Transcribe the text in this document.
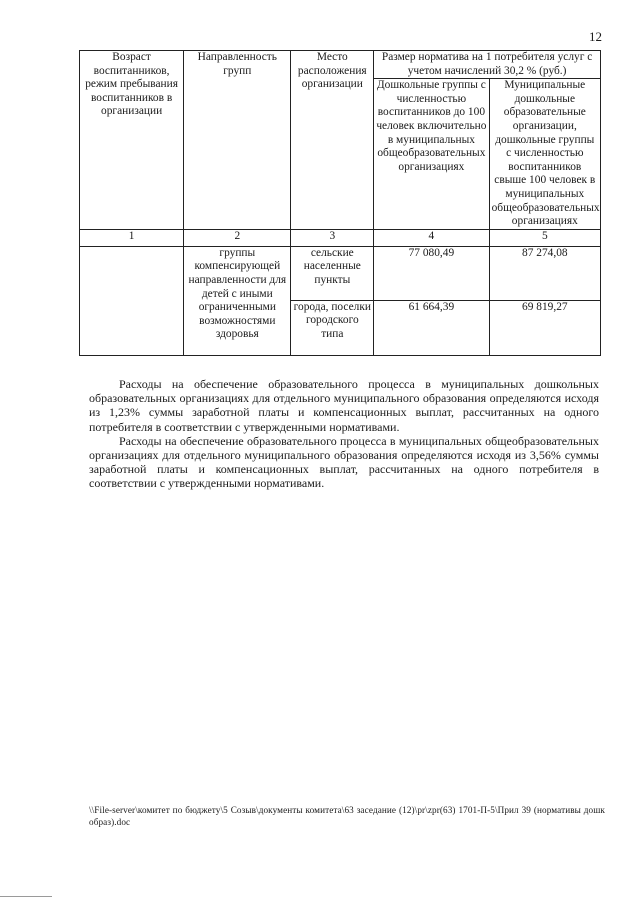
12
Возраст воспитанников, режим пребывания воспитанников в организации	Направленность групп	Место расположения организации	Размер норматива на 1 потребителя услуг с учетом начислений 30,2 % (руб.)	
			Дошкольные группы с численностью воспитанников до 100 человек включительно в муниципальных общеобразовательных организациях	Муниципальные дошкольные образовательные организации, дошкольные группы с численностью воспитанников свыше 100 человек в муниципальных общеобразовательных организациях
1	2	3	4	5
	группы компенсирующей направленности для детей с иными ограниченными возможностями здоровья	сельские населенные пункты	77 080,49	87 274,08
		города, поселки городского типа	61 664,39	69 819,27

Расходы на обеспечение образовательного процесса в муниципальных дошкольных образовательных организациях для отдельного муниципального образования определяются исходя из 1,23% суммы заработной платы и компенсационных выплат, рассчитанных на одного потребителя в соответствии с утвержденными нормативами.

Расходы на обеспечение образовательного процесса в муниципальных общеобразовательных организациях для отдельного муниципального образования определяются исходя из 3,56% суммы заработной платы и компенсационных выплат, рассчитанных на одного потребителя в соответствии с утвержденными нормативами.

\\File-server\комитет по бюджету\5 Созыв\документы комитета\63 заседание (12)\pr\zpr(63) 1701-П-5\Прил 39 (нормативы дошк образ).doc
